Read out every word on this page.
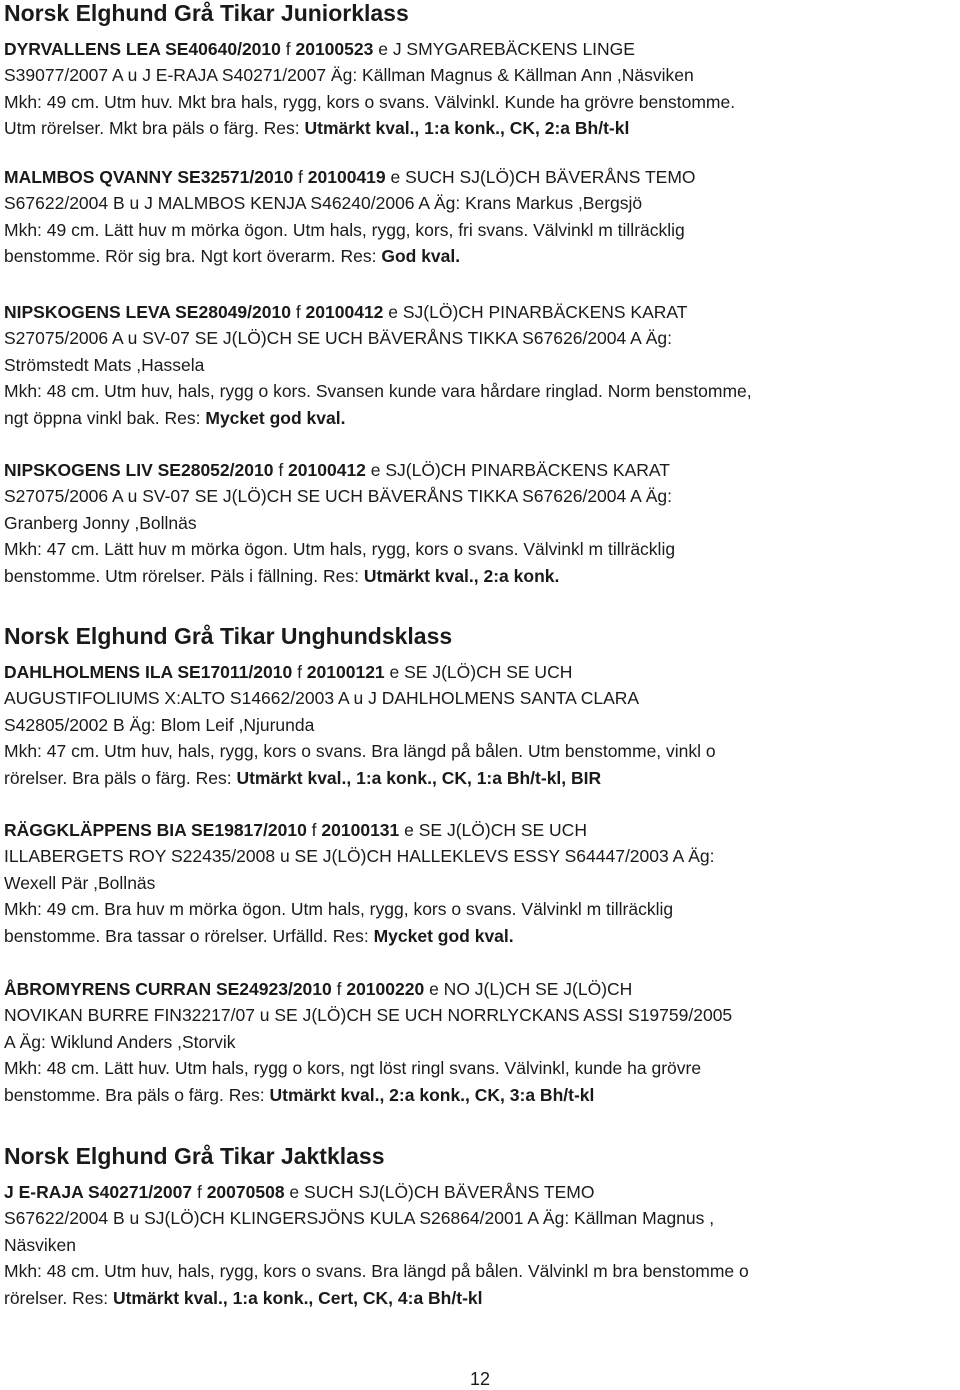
Norsk Elghund Grå Tikar Juniorklass
DYRVALLENS LEA SE40640/2010 f 20100523 e J SMYGAREBÄCKENS LINGE
S39077/2007 A u J E-RAJA S40271/2007 Äg: Källman Magnus & Källman Ann ,Näsviken
Mkh: 49 cm. Utm huv. Mkt bra hals, rygg, kors o svans. Välvinkl. Kunde ha grövre benstomme.
Utm rörelser. Mkt bra päls o färg. Res: Utmärkt kval., 1:a konk., CK, 2:a Bh/t-kl
MALMBOS QVANNY SE32571/2010 f 20100419 e SUCH SJ(LÖ)CH BÄVERÅNS TEMO
S67622/2004 B u J MALMBOS KENJA S46240/2006 A Äg: Krans Markus ,Bergsjö
Mkh: 49 cm. Lätt huv m mörka ögon. Utm hals, rygg, kors, fri svans. Välvinkl m tillräcklig
benstomme. Rör sig bra. Ngt kort överarm. Res: God kval.
NIPSKOGENS LEVA SE28049/2010 f 20100412 e SJ(LÖ)CH PINARBÄCKENS KARAT
S27075/2006 A u SV-07 SE J(LÖ)CH SE UCH BÄVERÅNS TIKKA S67626/2004 A Äg:
Strömstedt Mats ,Hassela
Mkh: 48 cm. Utm huv, hals, rygg o kors. Svansen kunde vara hårdare ringlad. Norm benstomme,
ngt öppna vinkl bak. Res: Mycket god kval.
NIPSKOGENS LIV SE28052/2010 f 20100412 e SJ(LÖ)CH PINARBÄCKENS KARAT
S27075/2006 A u SV-07 SE J(LÖ)CH SE UCH BÄVERÅNS TIKKA S67626/2004 A Äg:
Granberg Jonny ,Bollnäs
Mkh: 47 cm. Lätt huv m mörka ögon. Utm hals, rygg, kors o svans. Välvinkl m tillräcklig
benstomme. Utm rörelser. Päls i fällning. Res: Utmärkt kval., 2:a konk.
Norsk Elghund Grå Tikar Unghundsklass
DAHLHOLMENS ILA SE17011/2010 f 20100121 e SE J(LÖ)CH SE UCH
AUGUSTIFOLIUMS X:ALTO S14662/2003 A u J DAHLHOLMENS SANTA CLARA
S42805/2002 B Äg: Blom Leif ,Njurunda
Mkh: 47 cm. Utm huv, hals, rygg, kors o svans. Bra längd på bålen. Utm benstomme, vinkl o
rörelser. Bra päls o färg. Res: Utmärkt kval., 1:a konk., CK, 1:a Bh/t-kl, BIR
RÄGGKLÄPPENS BIA SE19817/2010 f 20100131 e SE J(LÖ)CH SE UCH
ILLABERGETS ROY S22435/2008 u SE J(LÖ)CH HALLEKLEVS ESSY S64447/2003 A Äg:
Wexell Pär ,Bollnäs
Mkh: 49 cm. Bra huv m mörka ögon. Utm hals, rygg, kors o svans. Välvinkl m tillräcklig
benstomme. Bra tassar o rörelser. Urfälld. Res: Mycket god kval.
ÅBROMYRENS CURRAN SE24923/2010 f 20100220 e NO J(L)CH SE J(LÖ)CH
NOVIKAN BURRE FIN32217/07 u SE J(LÖ)CH SE UCH NORRLYCKANS ASSI S19759/2005
A Äg: Wiklund Anders ,Storvik
Mkh: 48 cm. Lätt huv. Utm hals, rygg o kors, ngt löst ringl svans. Välvinkl, kunde ha grövre
benstomme. Bra päls o färg. Res: Utmärkt kval., 2:a konk., CK, 3:a Bh/t-kl
Norsk Elghund Grå Tikar Jaktklass
J E-RAJA S40271/2007 f 20070508 e SUCH SJ(LÖ)CH BÄVERÅNS TEMO
S67622/2004 B u SJ(LÖ)CH KLINGERSJÖNS KULA S26864/2001 A Äg: Källman Magnus ,
Näsviken
Mkh: 48 cm. Utm huv, hals, rygg, kors o svans. Bra längd på bålen. Välvinkl m bra benstomme o
rörelser. Res: Utmärkt kval., 1:a konk., Cert, CK, 4:a Bh/t-kl
12
